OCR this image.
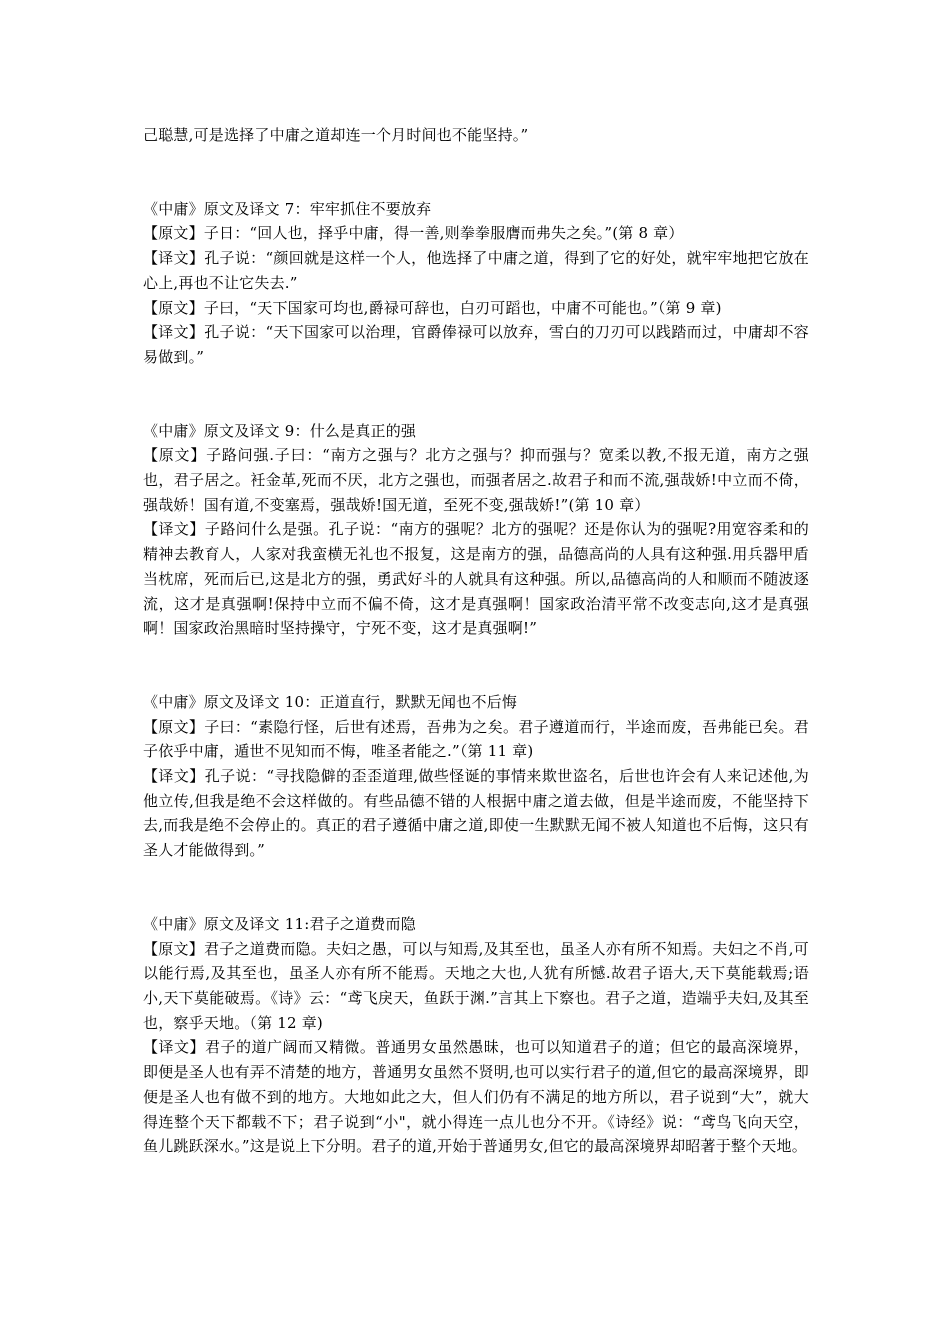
己聪慧,可是选择了中庸之道却连一个月时间也不能坚持。”

《中庸》原文及译文 7：牢牢抓住不要放弃

【原文】子日：“回人也，择乎中庸，得一善,则拳拳服膺而弗失之矣。”(第 8 章）

【译文】孔子说：“颜回就是这样一个人，他选择了中庸之道，得到了它的好处，就牢牢地把它放在心上,再也不让它失去.”

【原文】子曰，“天下国家可均也,爵禄可辞也，白刃可蹈也，中庸不可能也。”（第 9 章)

【译文】孔子说：“天下国家可以治理，官爵俸禄可以放弃，雪白的刀刃可以践踏而过，中庸却不容易做到。”

《中庸》原文及译文 9：什么是真正的强

【原文】子路问强.子曰：“南方之强与？北方之强与？抑而强与？宽柔以教,不报无道，南方之强也，君子居之。衽金革,死而不厌，北方之强也，而强者居之.故君子和而不流,强哉娇!中立而不倚，强哉娇！国有道,不变塞焉，强哉娇!国无道，至死不变,强哉娇!”(第 10 章）

【译文】子路问什么是强。孔子说：“南方的强呢？北方的强呢？还是你认为的强呢?用宽容柔和的精神去教育人，人家对我蛮横无礼也不报复，这是南方的强，品德高尚的人具有这种强.用兵器甲盾当枕席，死而后已,这是北方的强，勇武好斗的人就具有这种强。所以,品德高尚的人和顺而不随波逐流，这才是真强啊!保持中立而不偏不倚，这才是真强啊！国家政治清平常不改变志向,这才是真强啊！国家政治黑暗时坚持操守，宁死不变，这才是真强啊!”

《中庸》原文及译文 10：正道直行，默默无闻也不后悔

【原文】子曰：“素隐行怪，后世有述焉，吾弗为之矣。君子遵道而行，半途而废，吾弗能已矣。君子依乎中庸，遁世不见知而不悔，唯圣者能之.”（第 11 章)

【译文】孔子说：“寻找隐僻的歪歪道理,做些怪诞的事情来欺世盗名，后世也许会有人来记述他,为他立传,但我是绝不会这样做的。有些品德不错的人根据中庸之道去做，但是半途而废，不能坚持下去,而我是绝不会停止的。真正的君子遵循中庸之道,即使一生默默无闻不被人知道也不后悔，这只有圣人才能做得到。”

《中庸》原文及译文 11:君子之道费而隐

【原文】君子之道费而隐。夫妇之愚，可以与知焉,及其至也，虽圣人亦有所不知焉。夫妇之不肖,可以能行焉,及其至也，虽圣人亦有所不能焉。天地之大也,人犹有所憾.故君子语大,天下莫能载焉;语小,天下莫能破焉。《诗》云：“鸢飞戾天，鱼跃于渊.”言其上下察也。君子之道，造端乎夫妇,及其至也，察乎天地。（第 12 章)

【译文】君子的道广阔而又精微。普通男女虽然愚昧，也可以知道君子的道；但它的最高深境界，即便是圣人也有弄不清楚的地方，普通男女虽然不贤明,也可以实行君子的道,但它的最高深境界，即便是圣人也有做不到的地方。大地如此之大，但人们仍有不满足的地方所以，君子说到“大”，就大得连整个天下都载不下；君子说到“小"，就小得连一点儿也分不开。《诗经》说：“鸢鸟飞向天空，鱼儿跳跃深水。”这是说上下分明。君子的道,开始于普通男女,但它的最高深境界却昭著于整个天地。
